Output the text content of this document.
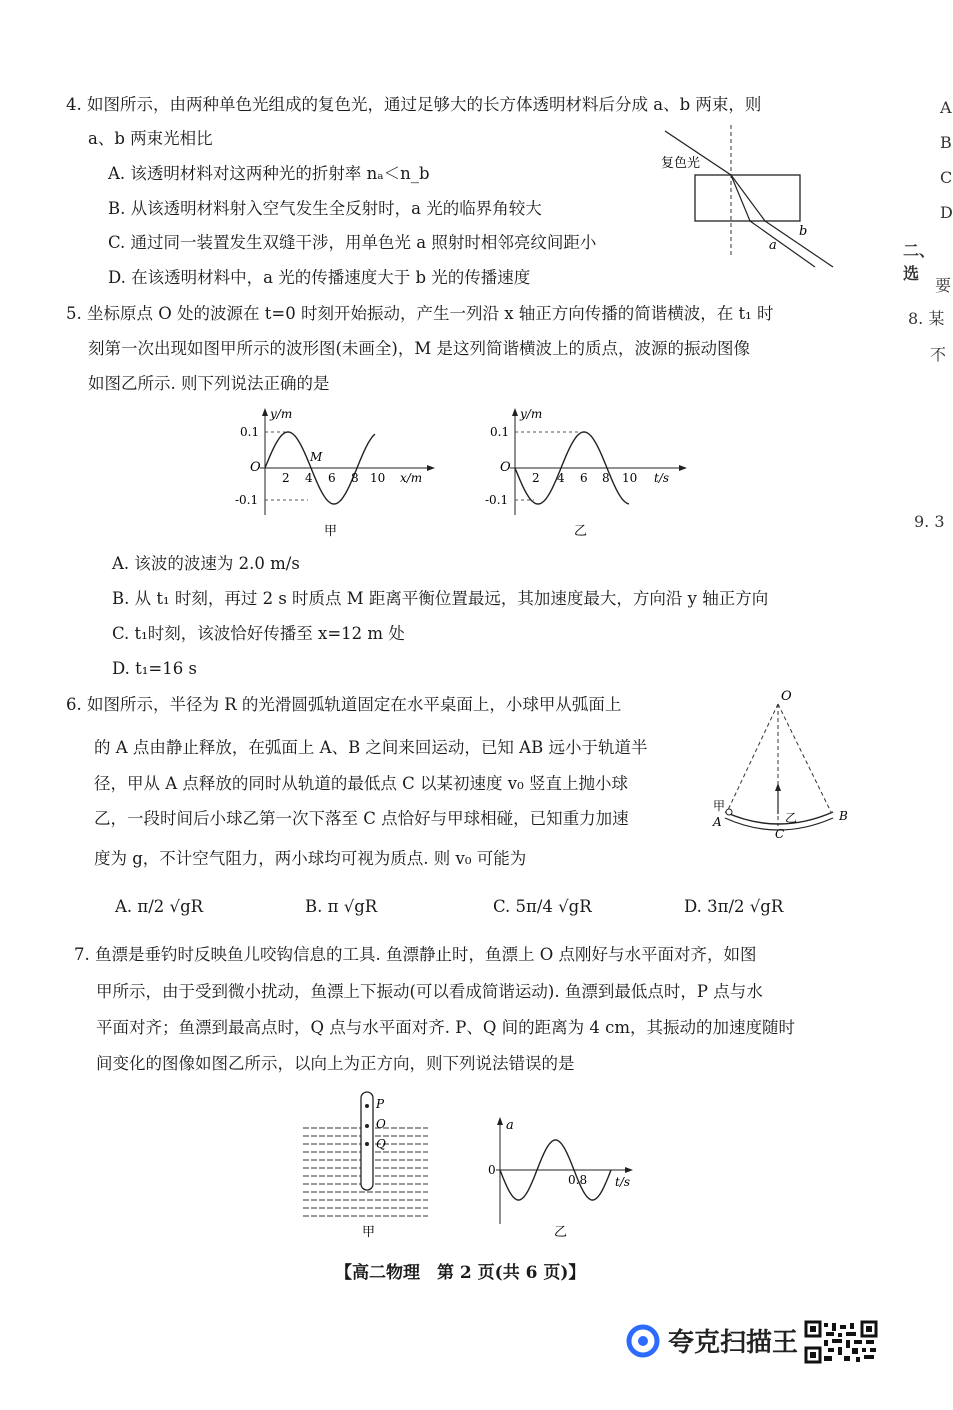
4. 如图所示，由两种单色光组成的复色光，通过足够大的长方体透明材料后分成 a、b 两束，则
a、b 两束光相比
A. 该透明材料对这两种光的折射率 nₐ＜n_b
B. 从该透明材料射入空气发生全反射时，a 光的临界角较大
C. 通过同一装置发生双缝干涉，用单色光 a 照射时相邻亮纹间距小
D. 在该透明材料中，a 光的传播速度大于 b 光的传播速度
复色光
a
b
5. 坐标原点 O 处的波源在 t=0 时刻开始振动，产生一列沿 x 轴正方向传播的简谐横波，在 t₁ 时
刻第一次出现如图甲所示的波形图(未画全)，M 是这列简谐横波上的质点，波源的振动图像
如图乙所示. 则下列说法正确的是
y/m
0.1
-0.1
O
2 4 6 8 10 x/m
M
甲
y/m
0.1
-0.1
O
2 4 6 8 10 t/s
乙
A. 该波的波速为 2.0 m/s
B. 从 t₁ 时刻，再过 2 s 时质点 M 距离平衡位置最远，其加速度最大，方向沿 y 轴正方向
C. t₁时刻，该波恰好传播至 x=12 m 处
D. t₁=16 s
6. 如图所示，半径为 R 的光滑圆弧轨道固定在水平桌面上，小球甲从弧面上
的 A 点由静止释放，在弧面上 A、B 之间来回运动，已知 AB 远小于轨道半
径，甲从 A 点释放的同时从轨道的最低点 C 以某初速度 v₀ 竖直上抛小球
乙，一段时间后小球乙第一次下落至 C 点恰好与甲球相碰，已知重力加速
度为 g，不计空气阻力，两小球均可视为质点. 则 v₀ 可能为
O
甲
A	B
乙
C
A. π/2 √gR	B. π √gR	C. 5π/4 √gR	D. 3π/2 √gR
7. 鱼漂是垂钓时反映鱼儿咬钩信息的工具. 鱼漂静止时，鱼漂上 O 点刚好与水平面对齐，如图
甲所示，由于受到微小扰动，鱼漂上下振动(可以看成简谐运动). 鱼漂到最低点时，P 点与水
平面对齐；鱼漂到最高点时，Q 点与水平面对齐. P、Q 间的距离为 4 cm，其振动的加速度随时
间变化的图像如图乙所示，以向上为正方向，则下列说法错误的是
P
O
Q
甲
a
0
0.8 t/s
乙
【高二物理　第 2 页(共 6 页)】
A
B
C
D
二、选
要
8. 某
不
9. 3
夸克扫描王
